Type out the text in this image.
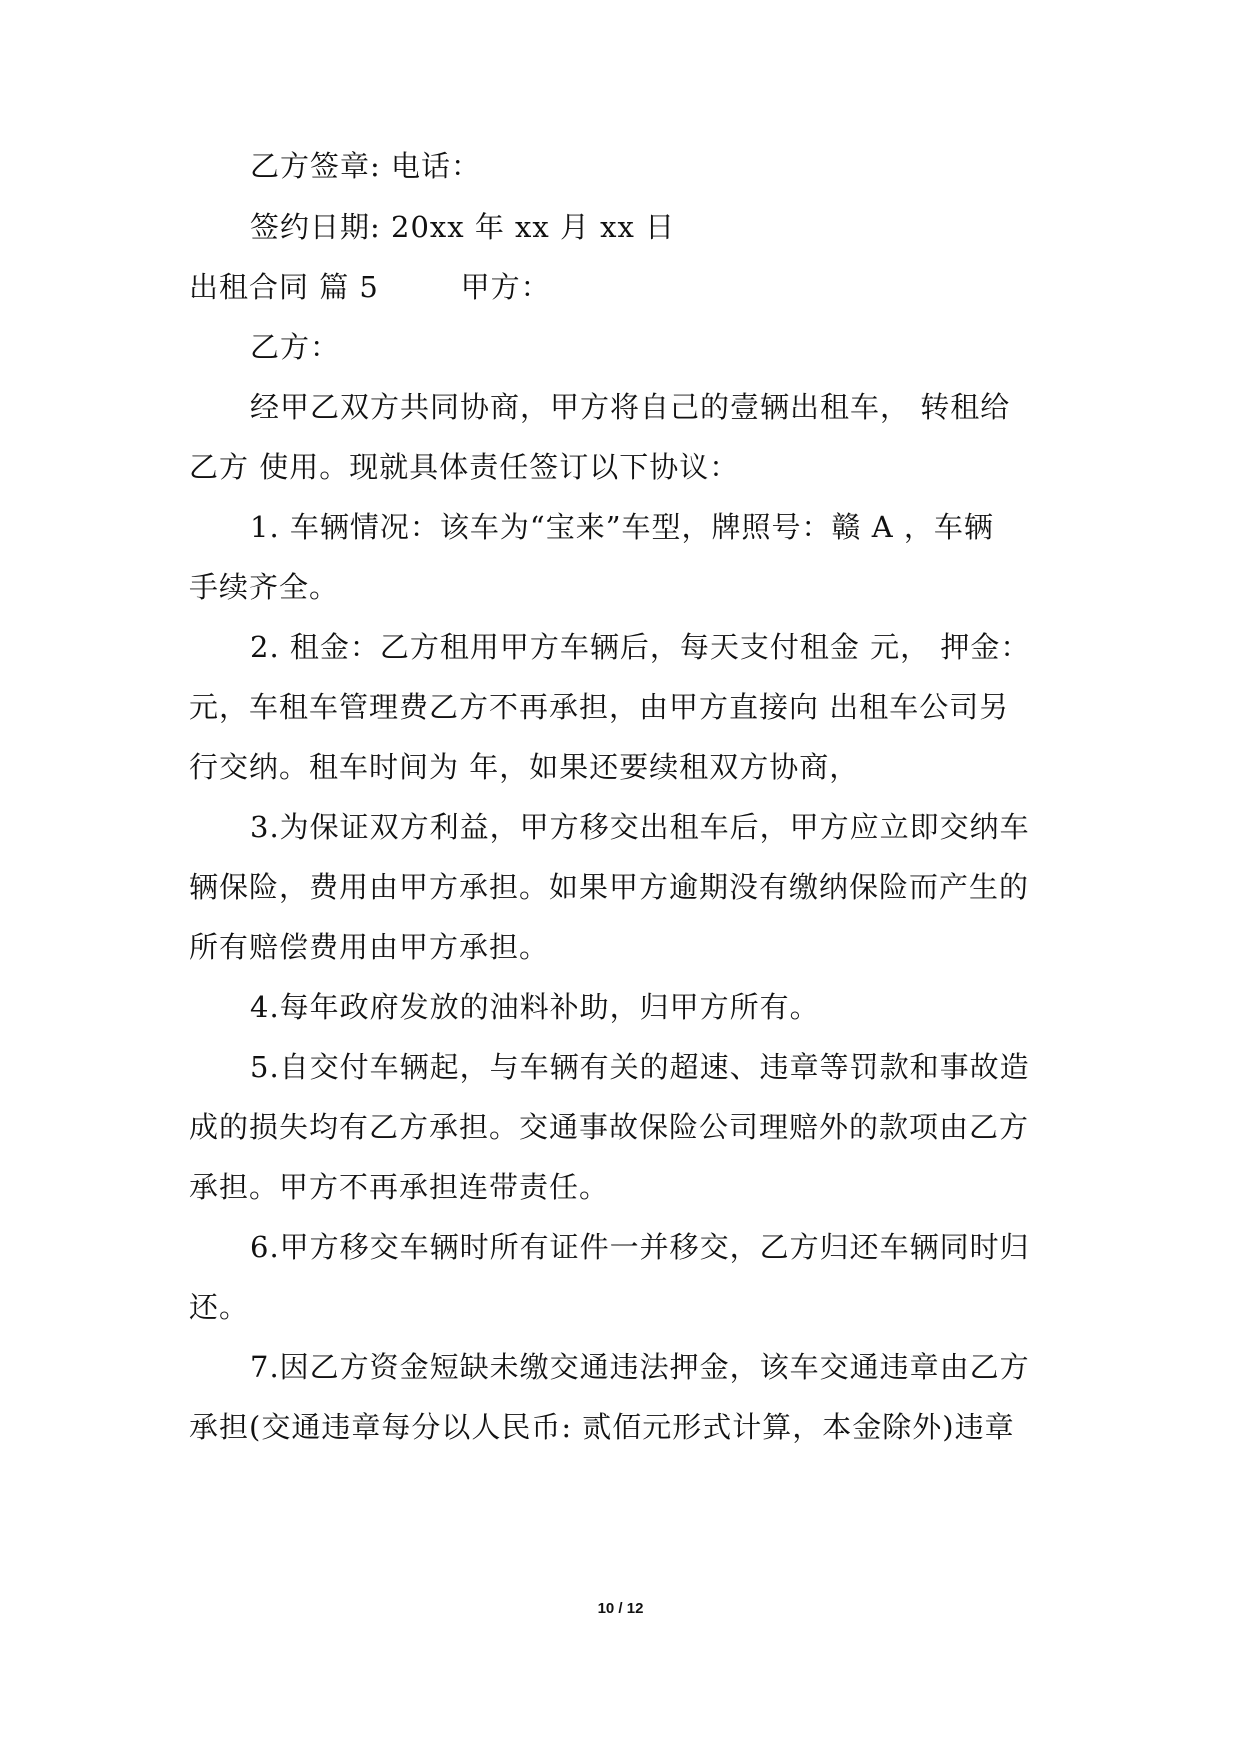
乙方签章: 电话：
签约日期: 20xx 年 xx 月 xx 日
出租合同 篇 5        甲方：
乙方：
经甲乙双方共同协商，甲方将自己的壹辆出租车， 转租给
乙方 使用。现就具体责任签订以下协议：
1. 车辆情况：该车为“宝来”车型，牌照号：赣 A ，车辆
手续齐全。
2. 租金：乙方租用甲方车辆后，每天支付租金 元， 押金：
元，车租车管理费乙方不再承担，由甲方直接向 出租车公司另
行交纳。租车时间为 年，如果还要续租双方协商，
3.为保证双方利益，甲方移交出租车后，甲方应立即交纳车
辆保险，费用由甲方承担。如果甲方逾期没有缴纳保险而产生的
所有赔偿费用由甲方承担。
4.每年政府发放的油料补助，归甲方所有。
5.自交付车辆起，与车辆有关的超速、违章等罚款和事故造
成的损失均有乙方承担。交通事故保险公司理赔外的款项由乙方
承担。甲方不再承担连带责任。
6.甲方移交车辆时所有证件一并移交，乙方归还车辆同时归
还。
7.因乙方资金短缺未缴交通违法押金，该车交通违章由乙方
承担(交通违章每分以人民币: 贰佰元形式计算，本金除外)违章
10 / 12
